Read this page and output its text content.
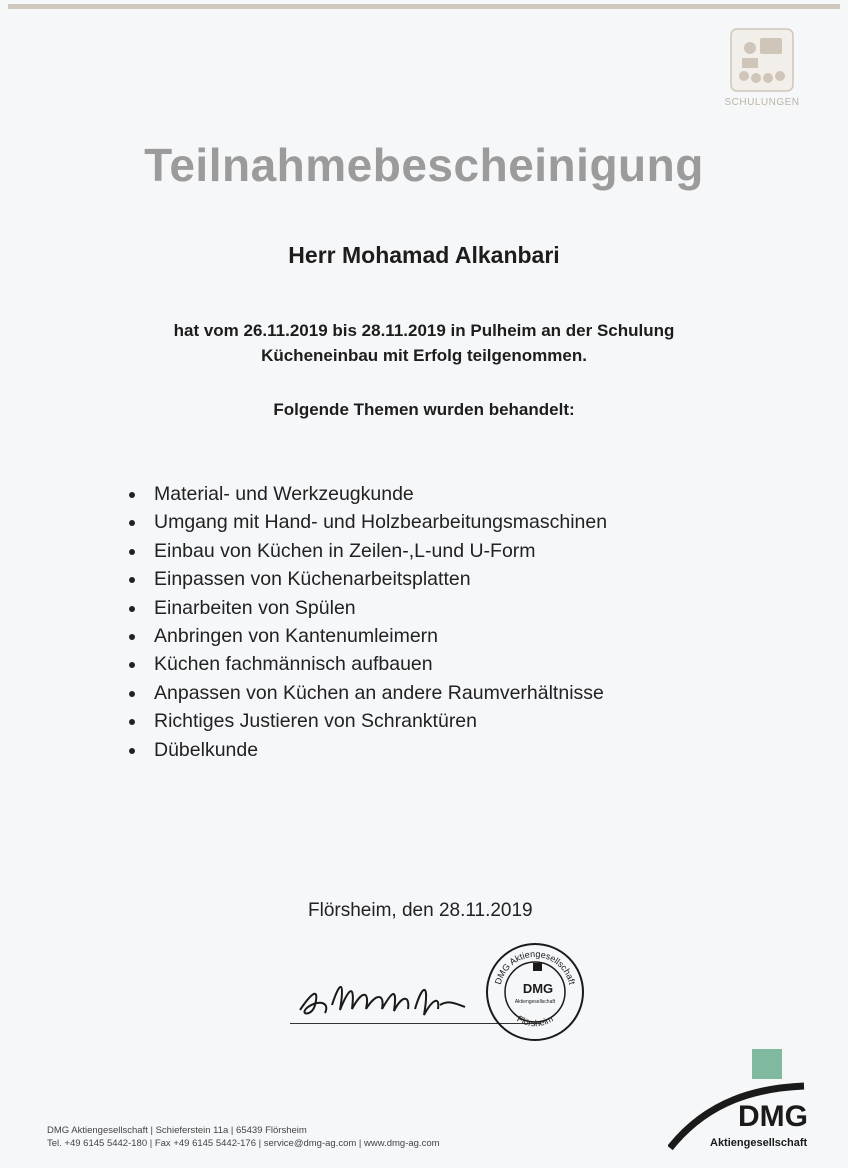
SCHULUNGEN
Teilnahmebescheinigung
Herr Mohamad Alkanbari
hat vom 26.11.2019 bis 28.11.2019 in Pulheim an der Schulung
Kücheneinbau mit Erfolg teilgenommen.
Folgende Themen wurden behandelt:
Material- und Werkzeugkunde
Umgang mit Hand- und Holzbearbeitungsmaschinen
Einbau von Küchen in Zeilen-,L-und U-Form
Einpassen von Küchenarbeitsplatten
Einarbeiten von Spülen
Anbringen von Kantenumleimern
Küchen fachmännisch aufbauen
Anpassen von Küchen an andere Raumverhältnisse
Richtiges Justieren von Schranktüren
Dübelkunde
Flörsheim, den 28.11.2019
DMG Aktiengesellschaft
DMG
Aktiengesellschaft
Flörsheim
DMG
Aktiengesellschaft
DMG Aktiengesellschaft | Schieferstein 11a | 65439 Flörsheim
Tel. +49 6145 5442-180 | Fax +49 6145 5442-176 | service@dmg-ag.com | www.dmg-ag.com
